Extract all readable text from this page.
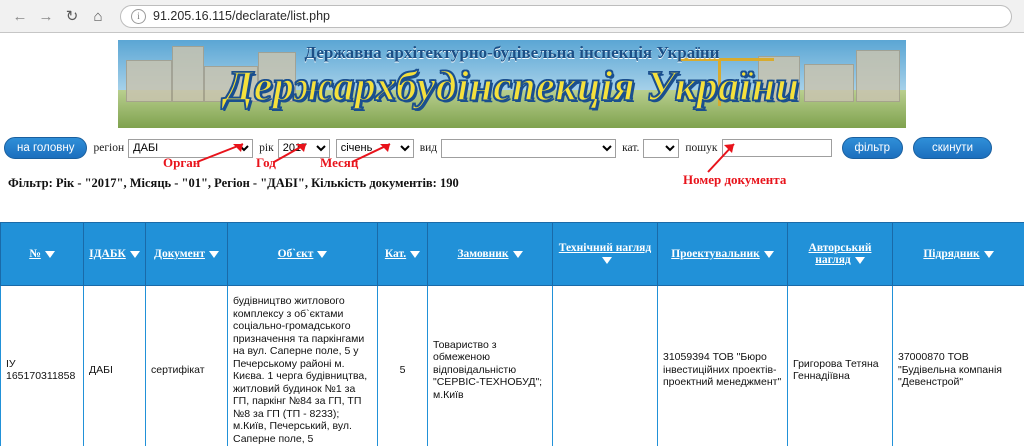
← → ↻	⌂	i	91.205.16.115/declarate/list.php
Державна архітектурно-будівельна інспекція України
Держархбудінспекція України
на головну	регіон
ДАБІ	рік
2017
січень	вид	кат.	пошук	фільтр	скинути
Орган	Год	Месяц
Номер документа
Фільтр: Рік - "2017", Місяць - "01", Регіон - "ДАБІ", Кількість документів: 190
№	ІДАБК	Документ	Об`єкт	Кат.	Замовник	Технічний нагляд	Проектувальник	Авторський нагляд	Підрядник
ІУ 165170311858	ДАБІ	сертифікат	будівництво житлового комплексу з об`єктами соціально-громадського призначення та паркінгами на вул. Саперне поле, 5 у Печерському районі м. Києва. 1 черга будівництва, житловий будинок №1 за ГП, паркінг №84 за ГП, ТП №8 за ГП (ТП - 8233); м.Київ, Печерський, вул. Саперне поле, 5	5	Товариство з обмеженою відповідальністю "СЕРВІС-ТЕХНОБУД"; м.Київ		31059394 ТОВ "Бюро інвестиційних проектів-проектний менеджмент"	Григорова Тетяна Геннадіївна	37000870 ТОВ "Будівельна компанія "Девенстрой"
